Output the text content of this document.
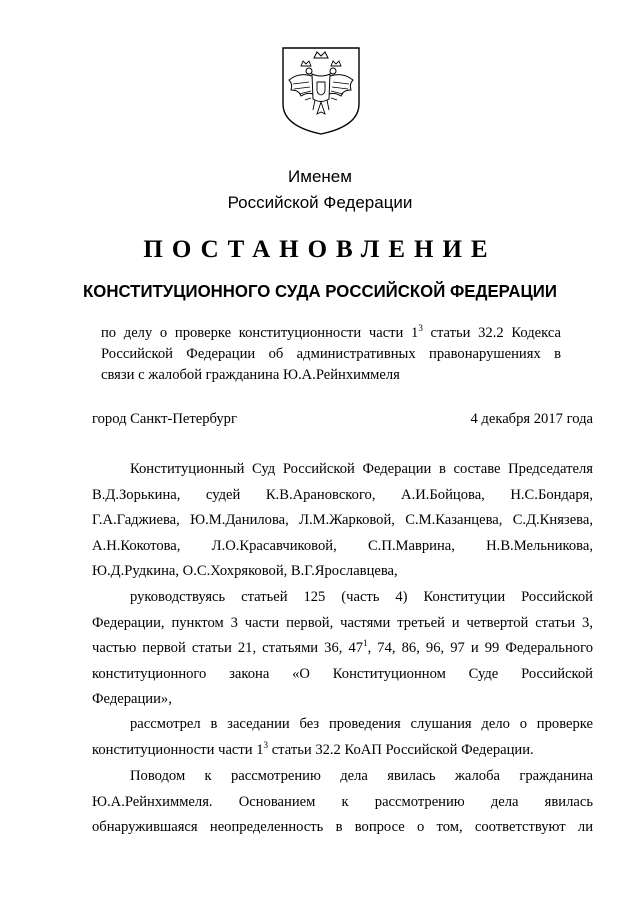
Именем
Российской Федерации
ПОСТАНОВЛЕНИЕ
КОНСТИТУЦИОННОГО СУДА РОССИЙСКОЙ ФЕДЕРАЦИИ
по делу о проверке конституционности части $1^3$ статьи 32.2 Кодекса
Российской Федерации об административных правонарушениях в
связи с жалобой гражданина Ю.А.Рейнхиммеля
город Санкт-Петербург	4 декабря 2017 года
Конституционный Суд Российской Федерации в составе Председателя
В.Д.Зорькина, судей К.В.Арановского, А.И.Бойцова, Н.С.Бондаря,
Г.А.Гаджиева, Ю.М.Данилова, Л.М.Жарковой, С.М.Казанцева, С.Д.Князева,
А.Н.Кокотова, Л.О.Красавчиковой, С.П.Маврина, Н.В.Мельникова,
Ю.Д.Рудкина, О.С.Хохряковой, В.Г.Ярославцева,
руководствуясь статьей 125 (часть 4) Конституции Российской
Федерации, пунктом 3 части первой, частями третьей и четвертой статьи 3,
частью первой статьи 21, статьями 36, $47^1$, 74, 86, 96, 97 и 99 Федерального
конституционного закона «О Конституционном Суде Российской
Федерации»,
рассмотрел в заседании без проведения слушания дело о проверке
конституционности части $1^3$ статьи 32.2 КоАП Российской Федерации.
Поводом к рассмотрению дела явилась жалоба гражданина
Ю.А.Рейнхиммеля. Основанием к рассмотрению дела явилась
обнаружившаяся неопределенность в вопросе о том, соответствуют ли
